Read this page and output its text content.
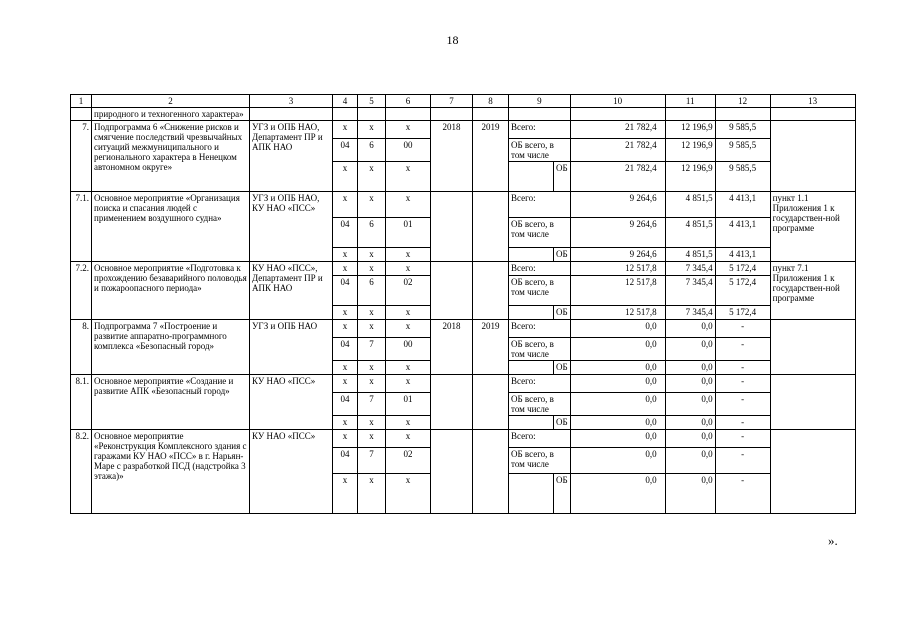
18
1	2	3	4	5	6	7	8	9		10	11	12	13
	природного и техногенного характера»												
7.	Подпрограмма 6 «Снижение рисков и смягчение последствий чрезвычайных ситуаций межмуниципального и регионального характера в Ненецком автономном округе»	УГЗ и ОПБ НАО, Департамент ПР и АПК НАО	х	х	х	2018	2019	Всего:		21 782,4	12 196,9	9 585,5	
			04	6	00			ОБ всего, в том числе		21 782,4	12 196,9	9 585,5	
			х	х	х				ОБ	21 782,4	12 196,9	9 585,5	
7.1.	Основное мероприятие «Организация поиска и спасания людей с применением воздушного судна»	УГЗ и ОПБ НАО, КУ НАО «ПСС»	х	х	х			Всего:		9 264,6	4 851,5	4 413,1	пункт 1.1 Приложения 1 к государствен-ной программе
			04	6	01			ОБ всего, в том числе		9 264,6	4 851,5	4 413,1	
			х	х	х				ОБ	9 264,6	4 851,5	4 413,1	
7.2.	Основное мероприятие «Подготовка к прохождению безаварийного половодья и пожароопасного периода»	КУ НАО «ПСС», Департамент ПР и АПК НАО	х	х	х			Всего:		12 517,8	7 345,4	5 172,4	пункт 7.1 Приложения 1 к государствен-ной программе
			04	6	02			ОБ всего, в том числе		12 517,8	7 345,4	5 172,4	
			х	х	х				ОБ	12 517,8	7 345,4	5 172,4	
8.	Подпрограмма 7 «Построение и развитие аппаратно-программного комплекса «Безопасный город»	УГЗ и ОПБ НАО	х	х	х	2018	2019	Всего:		0,0	0,0	-	
			04	7	00			ОБ всего, в том числе		0,0	0,0	-	
			х	х	х				ОБ	0,0	0,0	-	
8.1.	Основное мероприятие «Создание и развитие АПК «Безопасный город»	КУ НАО «ПСС»	х	х	х			Всего:		0,0	0,0	-	
			04	7	01			ОБ всего, в том числе		0,0	0,0	-	
			х	х	х				ОБ	0,0	0,0	-	
8.2.	Основное мероприятие «Реконструкция Комплексного здания с гаражами КУ НАО «ПСС» в г. Нарьян-Маре с разработкой ПСД (надстройка 3 этажа)»	КУ НАО «ПСС»	х	х	х			Всего:		0,0	0,0	-	
			04	7	02			ОБ всего, в том числе		0,0	0,0	-	
			х	х	х				ОБ	0,0	0,0	-	
».
